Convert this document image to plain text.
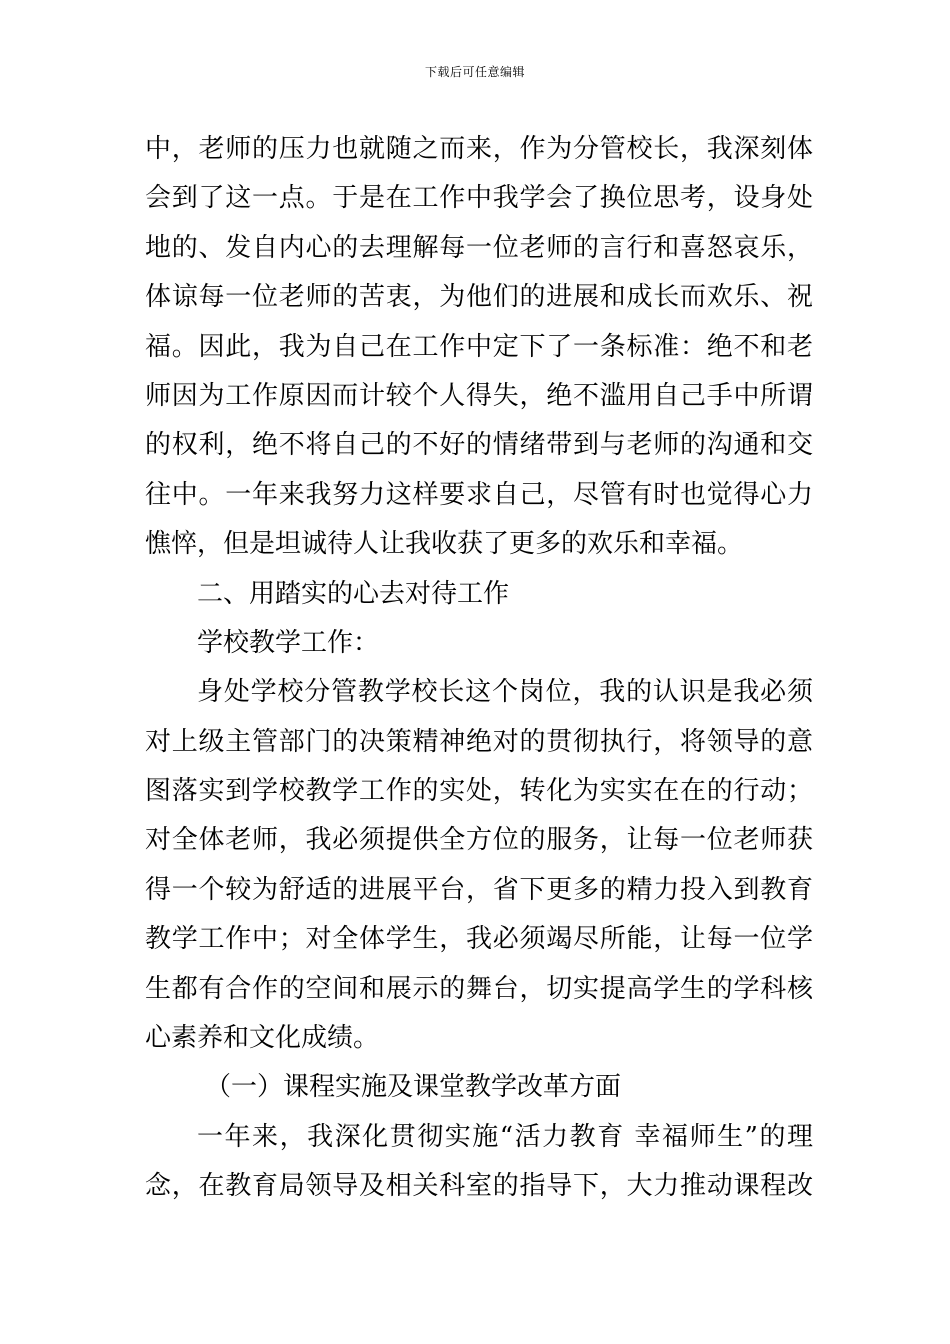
下载后可任意编辑
中，老师的压力也就随之而来，作为分管校长，我深刻体
会到了这一点。于是在工作中我学会了换位思考，设身处
地的、发自内心的去理解每一位老师的言行和喜怒哀乐，
体谅每一位老师的苦衷，为他们的进展和成长而欢乐、祝
福。因此，我为自己在工作中定下了一条标准：绝不和老
师因为工作原因而计较个人得失，绝不滥用自己手中所谓
的权利，绝不将自己的不好的情绪带到与老师的沟通和交
往中。一年来我努力这样要求自己，尽管有时也觉得心力
憔悴，但是坦诚待人让我收获了更多的欢乐和幸福。
二、用踏实的心去对待工作
学校教学工作：
身处学校分管教学校长这个岗位，我的认识是我必须
对上级主管部门的决策精神绝对的贯彻执行，将领导的意
图落实到学校教学工作的实处，转化为实实在在的行动；
对全体老师，我必须提供全方位的服务，让每一位老师获
得一个较为舒适的进展平台，省下更多的精力投入到教育
教学工作中；对全体学生，我必须竭尽所能，让每一位学
生都有合作的空间和展示的舞台，切实提高学生的学科核
心素养和文化成绩。
（一）课程实施及课堂教学改革方面
一年来，我深化贯彻实施“活力教育 幸福师生”的理
念，在教育局领导及相关科室的指导下，大力推动课程改
